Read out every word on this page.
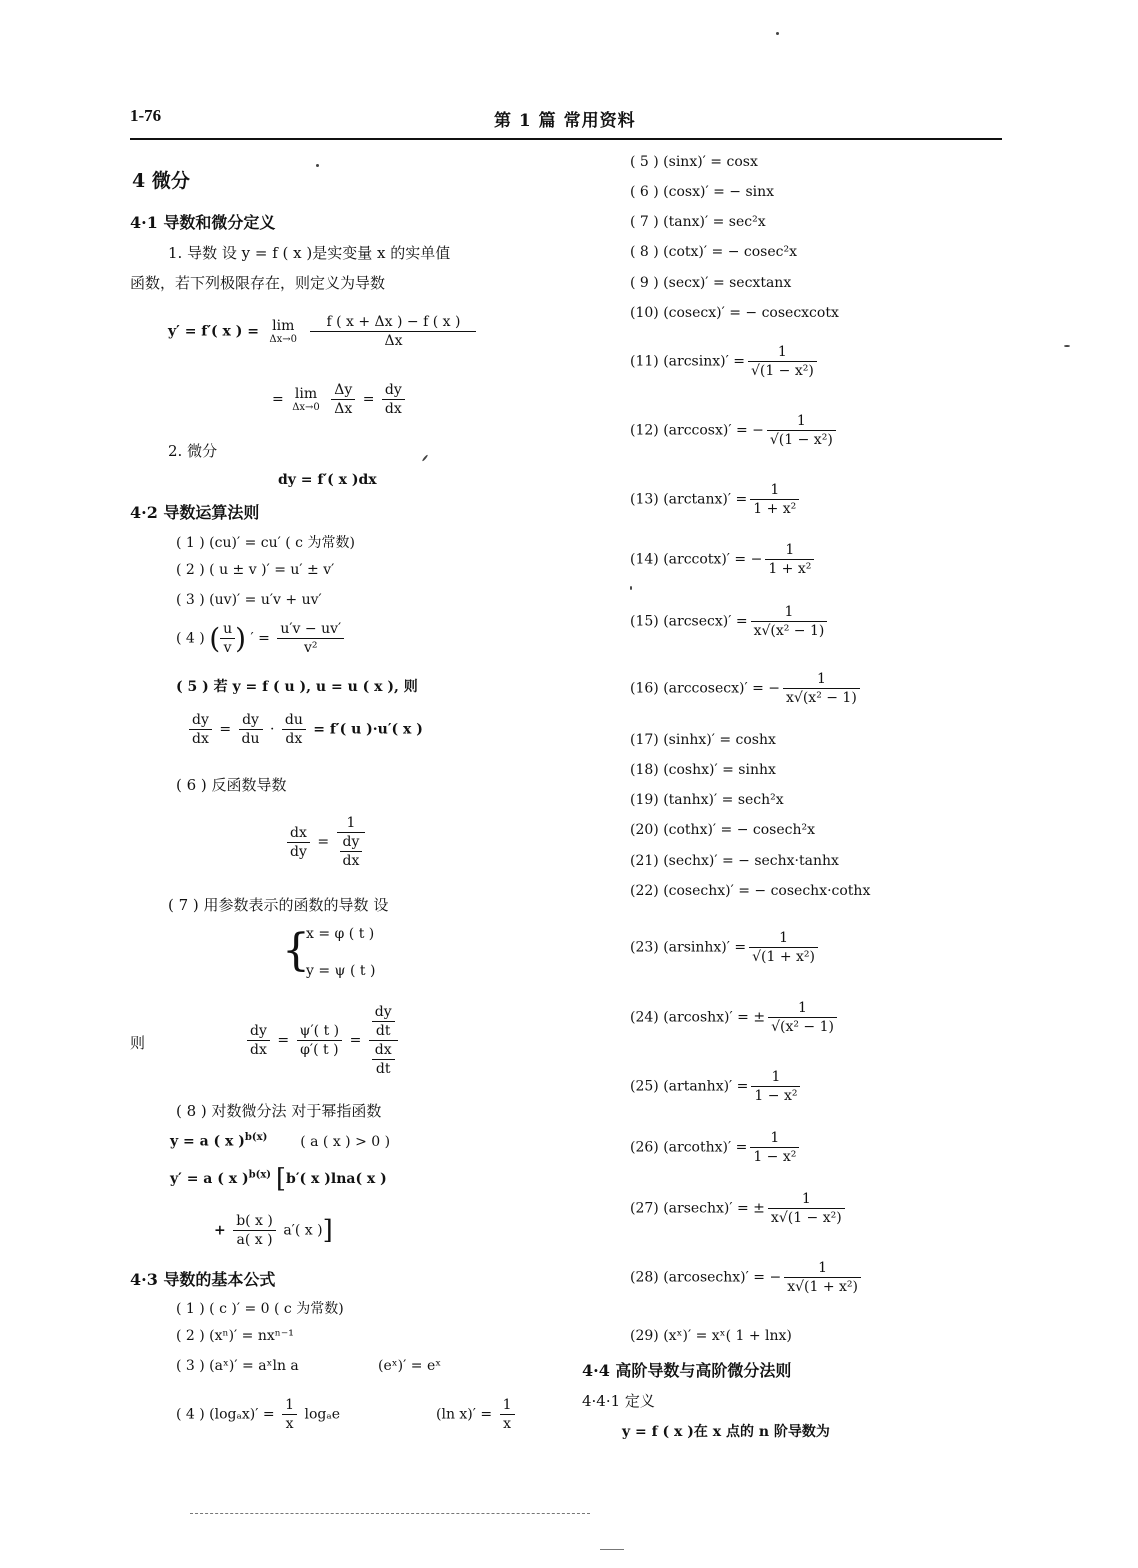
1-76	第 1 篇 常用资料
4 微分
4·1 导数和微分定义
1. 导数 设 y = f ( x )是实变量 x 的实单值
函数，若下列极限存在，则定义为导数
y′ = f′( x ) = lim
Δx→0
$\frac{f ( x + \Delta x ) - f ( x )}{\Delta x}$
= lim
Δx→0
$\frac{\Delta y}{\Delta x} = \frac{dy}{dx}$
2. 微分
dy = f′( x )dx
4·2 导数运算法则
( 1 ) (cu)′ = cu′ ( c 为常数)
( 2 ) ( u ± v )′ = u′ ± v′
( 3 ) (uv)′ = u′v + uv′
( 4 ) ( $\frac{u}{v}$ ) ′ = $\frac{u'v - uv'}{\text{v²}}$
( 5 ) 若 y = f ( u ), u = u ( x ), 则
$\frac{dy}{dx} = \frac{dy}{du} \cdot \frac{du}{dx} = f'$( u )·u′( x )
( 6 ) 反函数导数
$\frac{dx}{dy} = \frac{1}{\frac{dy}{dx}}$
( 7 ) 用参数表示的函数的导数 设
{
x = φ ( t )
y = ψ ( t )
则	$\frac{dy}{dx} = \frac{\psi'( t )}{\varphi'( t )} = \frac{\frac{dy}{dt}}{\frac{dx}{dt}}$
( 8 ) 对数微分法 对于幂指函数
y = a ( x )$^{b(x)}$ ( a ( x ) > 0 )
y′ = a ( x )$^{b(x)}$ [b′( x )lna( x )
+ $\frac{b( x )}{a( x )} a'$( x )]
4·3 导数的基本公式
( 1 ) ( c )′ = 0 ( c 为常数)
( 2 ) (xⁿ)′ = nxⁿ⁻¹
( 3 ) (aˣ)′ = aˣln a	(eˣ)′ = eˣ
( 4 ) $(\log_ax)' = \frac{1}{x}$ logₐe	(ln $x)' = \frac{1}{x}$
( 5 ) (sinx)′ = cosx
( 6 ) (cosx)′ = − sinx
( 7 ) (tanx)′ = sec²x
( 8 ) (cotx)′ = − cosec²x
( 9 ) (secx)′ = secxtanx
(10) (cosecx)′ = − cosecxcotx
(11) $(\arcsin x)' = \frac{1}{\text{√(1 − x²)}}$
(12) (arccosx)′ = − $\frac{1}{\text{√(1 − x²)}}$
(13) $(\arctan x)' = \frac{1}{\text{1 + x²}}$
(14) (arccotx)′ = − $\frac{1}{\text{1 + x²}}$
(15) $(arcsecx)' = \frac{1}{\text{x√(x² − 1)}}$
(16) (arccosecx)′ = − $\frac{1}{\text{x√(x² − 1)}}$
(17) (sinhx)′ = coshx
(18) (coshx)′ = sinhx
(19) (tanhx)′ = sech²x
(20) (cothx)′ = − cosech²x
(21) (sechx)′ = − sechx·tanhx
(22) (cosechx)′ = − cosechx·cothx
(23) $(arsinhx)' = \frac{1}{\text{√(1 + x²)}}$
(24) (arcoshx)′ = ± $\frac{1}{\text{√(x² − 1)}}$
(25) $(artanhx)' = \frac{1}{\text{1 − x²}}$
(26) (arcothx)′ = $\frac{1}{\text{1 − x²}}$
(27) (arsechx)′ = ± $\frac{1}{\text{x√(1 − x²)}}$
(28) (arcosechx)′ = − $\frac{1}{\text{x√(1 + x²)}}$
(29) (xˣ)′ = xˣ( 1 + lnx)
4·4 高阶导数与高阶微分法则
4·4·1 定义
y = f ( x )在 x 点的 n 阶导数为
